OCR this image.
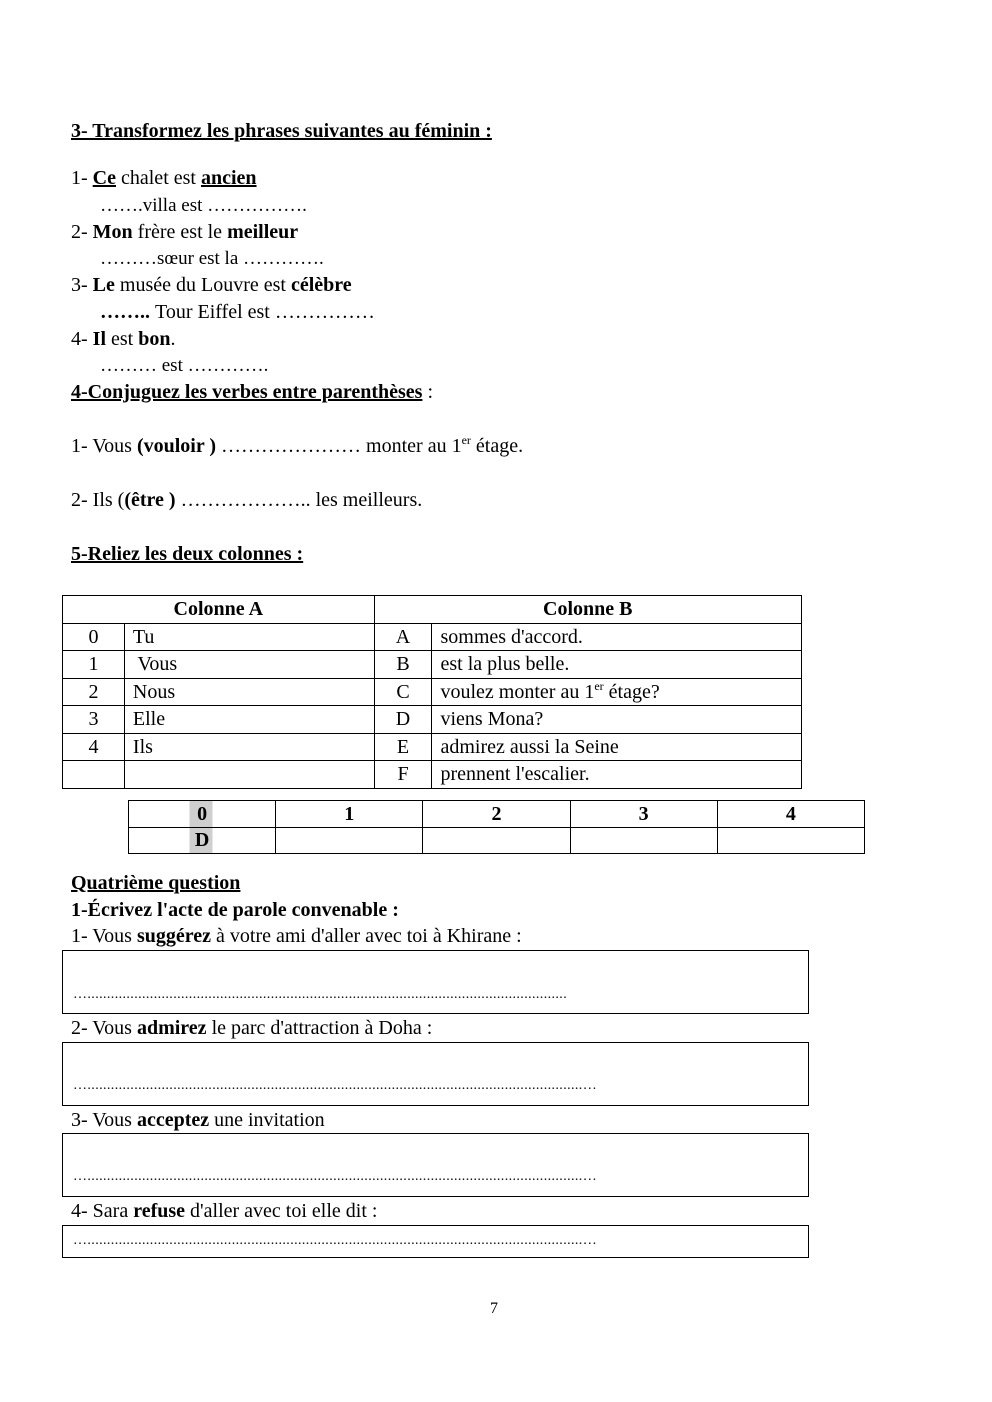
3- Transformez les phrases suivantes au féminin :
1- Ce chalet est ancien
…….villa est …………….
2- Mon frère est le meilleur
………sœur est la ………….
3- Le musée du Louvre est célèbre
…….. Tour Eiffel est ……………
4- Il est bon.
……… est ………….
4-Conjuguez les verbes entre parenthèses :
1- Vous (vouloir ) ………………… monter au 1er étage.
2- Ils ((être ) ……………….. les meilleurs.
5-Reliez les deux colonnes :
Colonne A		Colonne B	
0	Tu	A	sommes d'accord.
1	Vous	B	est la plus belle.
2	Nous	C	voulez monter au 1er étage?
3	Elle	D	viens Mona?
4	Ils	E	admirez aussi la Seine
		F	prennent l'escalier.
0	1	2	3	4
D				
Quatrième question
1-Écrivez l'acte de parole convenable :
1- Vous suggérez à votre ami d'aller avec toi à Khirane :
…...........................................................................................................................
2- Vous admirez le parc d'attraction à Doha :
…...............................................................................................................................…
3- Vous acceptez une invitation
…...............................................................................................................................…
4- Sara refuse d'aller avec toi elle dit :
…...............................................................................................................................…
7
